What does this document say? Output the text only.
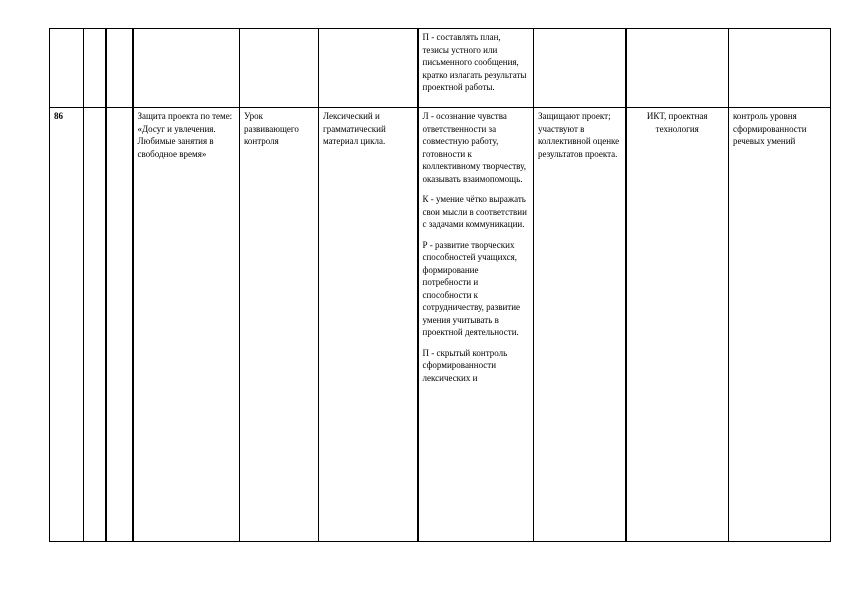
						П - составлять план, тезисы устного или письменного сообщения, кратко излагать результаты проектной работы.			

86			Защита проекта по теме: «Досуг и увлечения. Любимые занятия в свободное время»	Урок развивающего контроля	Лексический и грамматический материал цикла.	Л - осознание чувства ответственности за совместную работу, готовности к коллективному творчеству, оказывать взаимопомощь.
К - умение чётко выражать свои мысли в соответствии с задачами коммуникации.
Р - развитие творческих способностей учащихся, формирование потребности и способности к сотрудничеству, развитие умения учитывать в проектной деятельности.
П - скрытый контроль сформированности лексических и	Защищают проект; участвуют в коллективной оценке результатов проекта.	ИКТ, проектная технология	контроль уровня сформированности речевых умений
